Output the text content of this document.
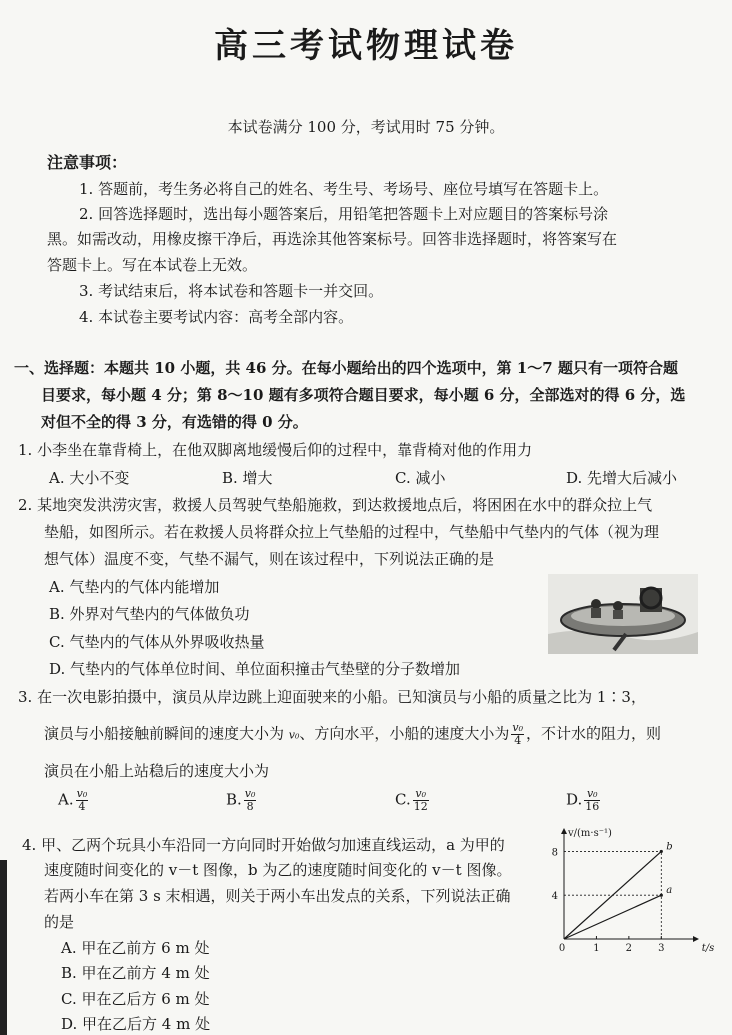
高三考试物理试卷
本试卷满分 100 分，考试用时 75 分钟。
注意事项：
1. 答题前，考生务必将自己的姓名、考生号、考场号、座位号填写在答题卡上。
2. 回答选择题时，选出每小题答案后，用铅笔把答题卡上对应题目的答案标号涂
黑。如需改动，用橡皮擦干净后，再选涂其他答案标号。回答非选择题时，将答案写在
答题卡上。写在本试卷上无效。
3. 考试结束后，将本试卷和答题卡一并交回。
4. 本试卷主要考试内容：高考全部内容。
一、选择题：本题共 10 小题，共 46 分。在每小题给出的四个选项中，第 1～7 题只有一项符合题
目要求，每小题 4 分；第 8～10 题有多项符合题目要求，每小题 6 分，全部选对的得 6 分，选
对但不全的得 3 分，有选错的得 0 分。
1. 小李坐在靠背椅上，在他双脚离地缓慢后仰的过程中，靠背椅对他的作用力
A. 大小不变	B. 增大	C. 减小	D. 先增大后减小
2. 某地突发洪涝灾害，救援人员驾驶气垫船施救，到达救援地点后，将困困在水中的群众拉上气
垫船，如图所示。若在救援人员将群众拉上气垫船的过程中，气垫船中气垫内的气体（视为理
想气体）温度不变，气垫不漏气，则在该过程中，下列说法正确的是
A. 气垫内的气体内能增加
B. 外界对气垫内的气体做负功
C. 气垫内的气体从外界吸收热量
D. 气垫内的气体单位时间、单位面积撞击气垫壁的分子数增加
3. 在一次电影拍摄中，演员从岸边跳上迎面驶来的小船。已知演员与小船的质量之比为 1∶3，
演员与小船接触前瞬间的速度大小为 v₀、方向水平，小船的速度大小为 $\frac{\text{v₀}}{4}$ ，不计水的阻力，则
演员在小船上站稳后的速度大小为
A. $\frac{\text{v₀}}{4}$	B. $\frac{\text{v₀}}{8}$	C. $\frac{\text{v₀}}{12}$	D. $\frac{\text{v₀}}{16}$
4. 甲、乙两个玩具小车沿同一方向同时开始做匀加速直线运动，a 为甲的
速度随时间变化的 v－t 图像，b 为乙的速度随时间变化的 v－t 图像。
若两小车在第 3 s 末相遇，则关于两小车出发点的关系，下列说法正确
的是
A. 甲在乙前方 6 m 处
B. 甲在乙前方 4 m 处
C. 甲在乙后方 6 m 处
D. 甲在乙后方 4 m 处
v/(m·s⁻¹)
t/s
0	1	2	3
4
8
a
b
